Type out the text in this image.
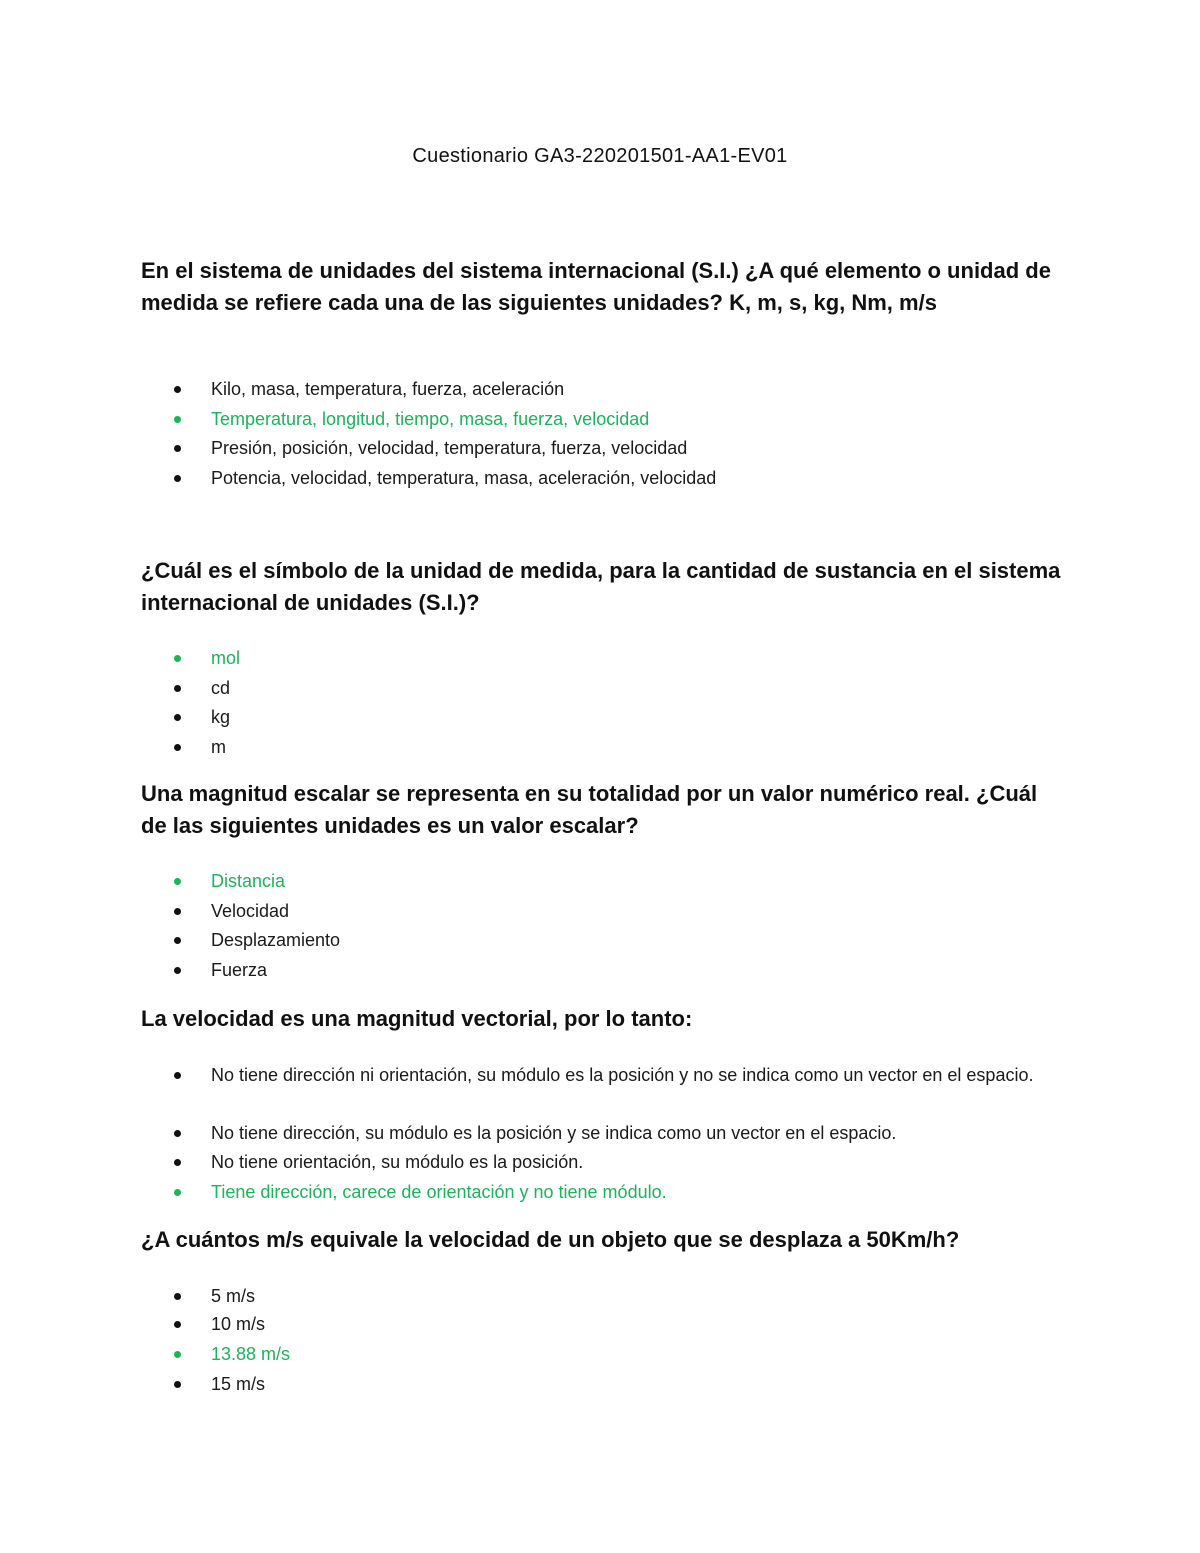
Cuestionario GA3-220201501-AA1-EV01

En el sistema de unidades del sistema internacional (S.I.) ¿A qué elemento o unidad de medida se refiere cada una de las siguientes unidades? K, m, s, kg, Nm, m/s

Kilo, masa, temperatura, fuerza, aceleración
Temperatura, longitud, tiempo, masa, fuerza, velocidad
Presión, posición, velocidad, temperatura, fuerza, velocidad
Potencia, velocidad, temperatura, masa, aceleración, velocidad

¿Cuál es el símbolo de la unidad de medida, para la cantidad de sustancia en el sistema internacional de unidades (S.I.)?

mol
cd
kg
m

Una magnitud escalar se representa en su totalidad por un valor numérico real. ¿Cuál de las siguientes unidades es un valor escalar?

Distancia
Velocidad
Desplazamiento
Fuerza

La velocidad es una magnitud vectorial, por lo tanto:

No tiene dirección ni orientación, su módulo es la posición y no se indica como un vector en el espacio.
No tiene dirección, su módulo es la posición y se indica como un vector en el espacio.
No tiene orientación, su módulo es la posición.
Tiene dirección, carece de orientación y no tiene módulo.

¿A cuántos m/s equivale la velocidad de un objeto que se desplaza a 50Km/h?

5 m/s
10 m/s
13.88 m/s
15 m/s
